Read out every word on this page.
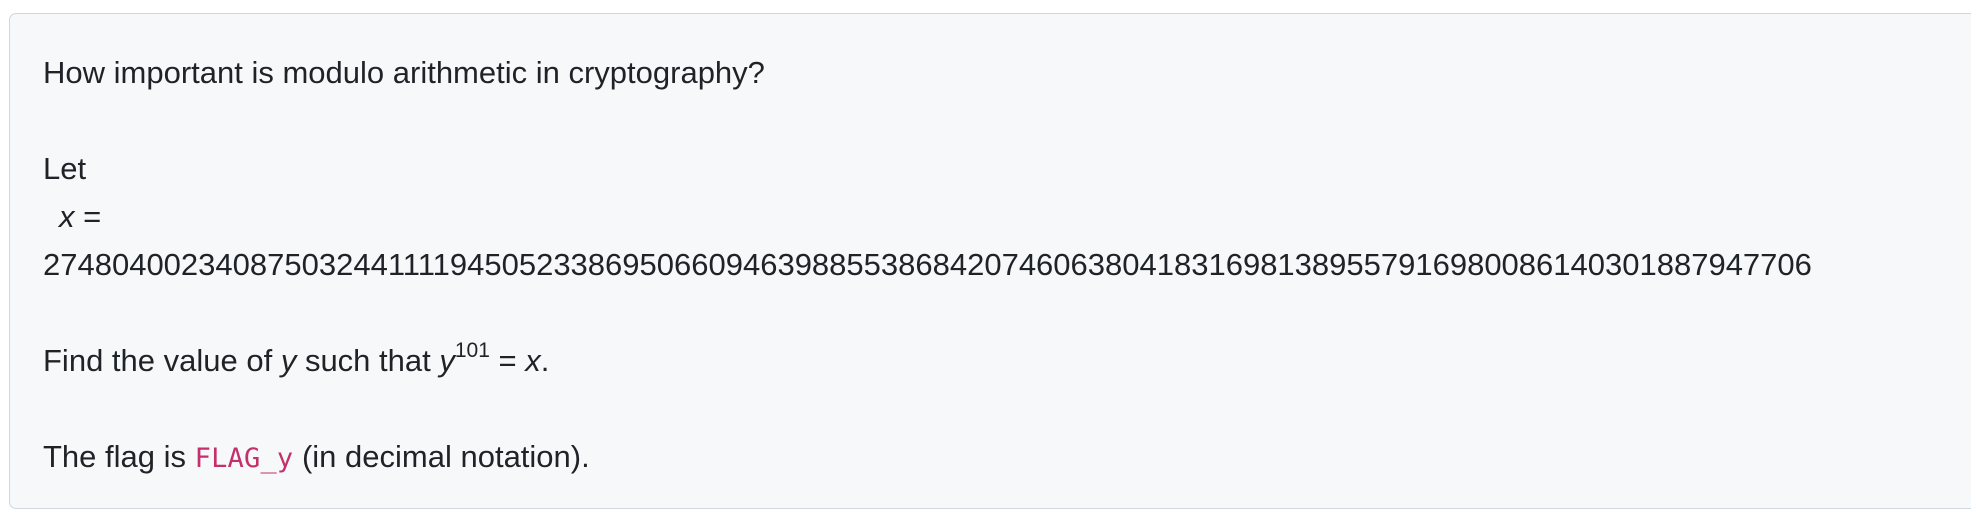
How important is modulo arithmetic in cryptography?
Let
x =
2748040023408750324411119450523386950660946398855386842074606380418316981389557916980086140301887947706
Find the value of y such that $y^{101} = x$.
The flag is FLAG_y (in decimal notation).
